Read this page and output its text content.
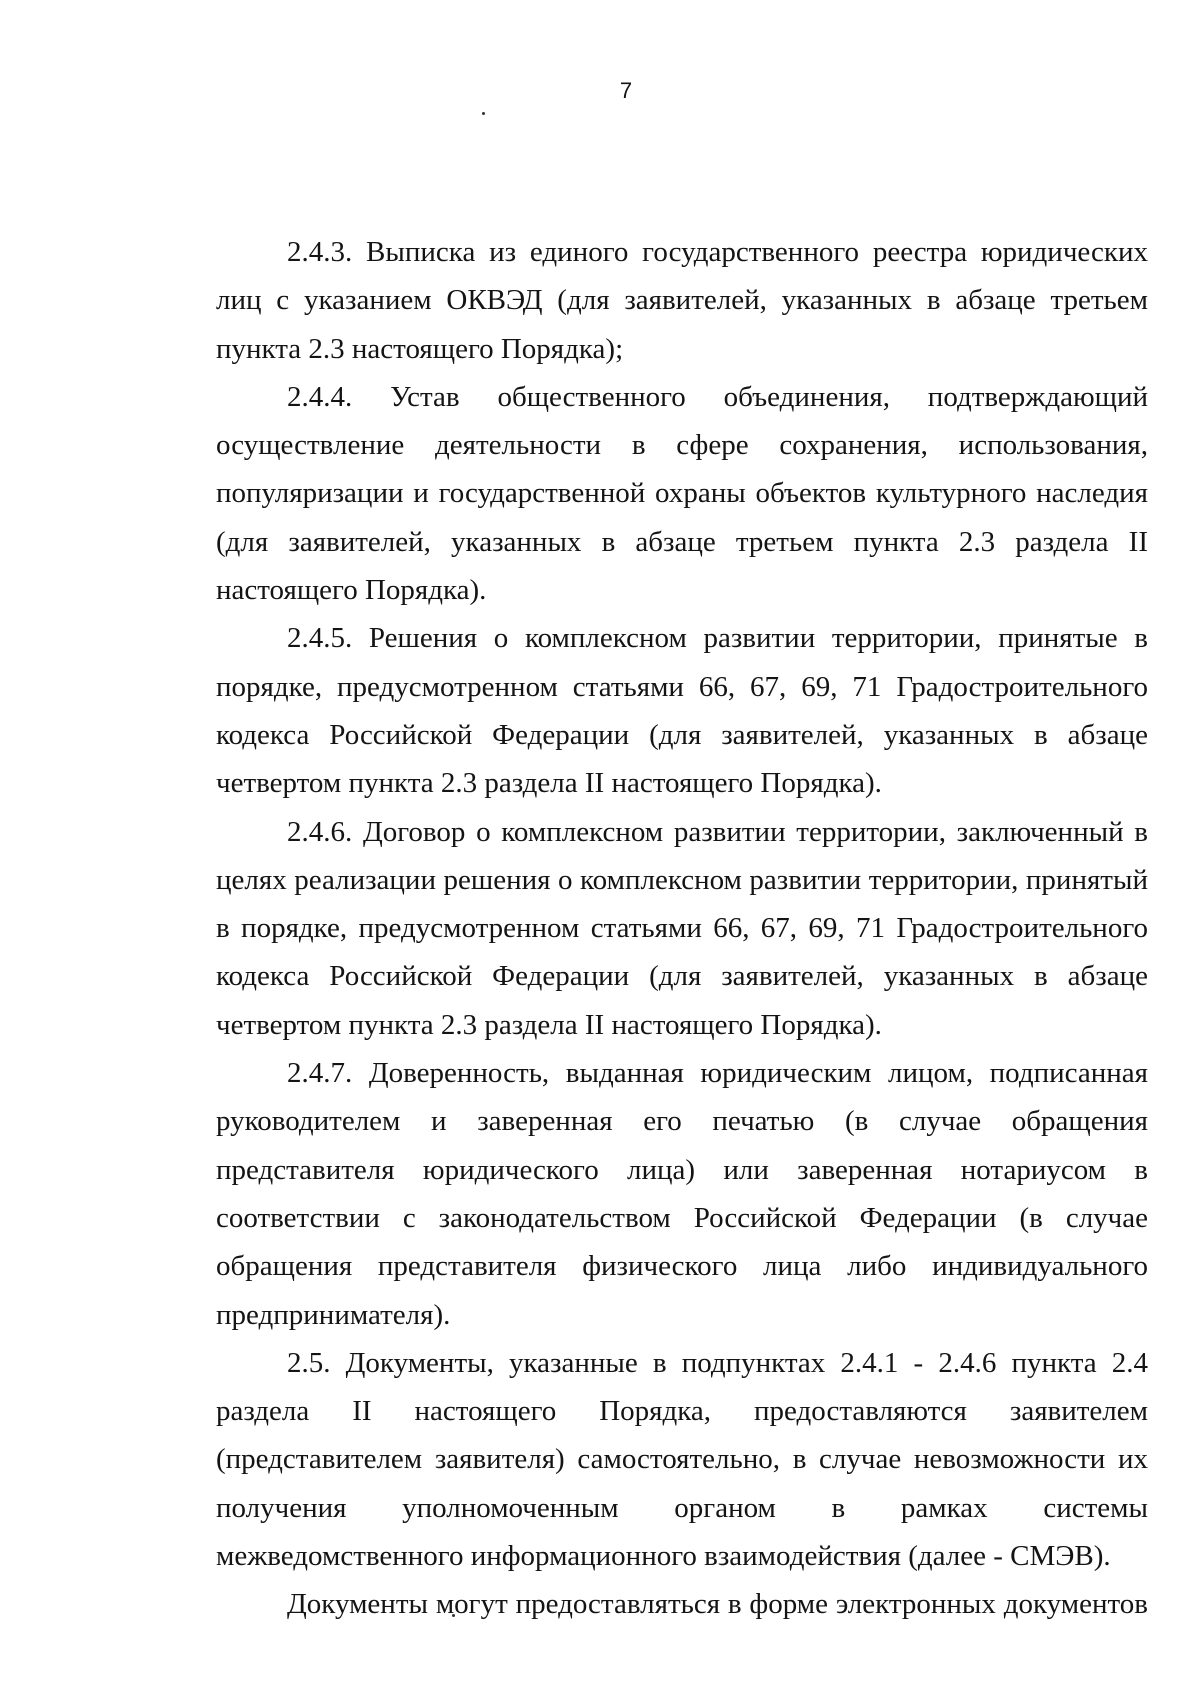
7

2.4.3. Выписка из единого государственного реестра юридических лиц с указанием ОКВЭД (для заявителей, указанных в абзаце третьем пункта 2.3 настоящего Порядка);

2.4.4. Устав общественного объединения, подтверждающий осуществление деятельности в сфере сохранения, использования, популяризации и государственной охраны объектов культурного наследия (для заявителей, указанных в абзаце третьем пункта 2.3 раздела II настоящего Порядка).

2.4.5. Решения о комплексном развитии территории, принятые в порядке, предусмотренном статьями 66, 67, 69, 71 Градостроительного кодекса Российской Федерации (для заявителей, указанных в абзаце четвертом пункта 2.3 раздела II настоящего Порядка).

2.4.6. Договор о комплексном развитии территории, заключенный в целях реализации решения о комплексном развитии территории, принятый в порядке, предусмотренном статьями 66, 67, 69, 71 Градостроительного кодекса Российской Федерации (для заявителей, указанных в абзаце четвертом пункта 2.3 раздела II настоящего Порядка).

2.4.7. Доверенность, выданная юридическим лицом, подписанная руководителем и заверенная его печатью (в случае обращения представителя юридического лица) или заверенная нотариусом в соответствии с законодательством Российской Федерации (в случае обращения представителя физического лица либо индивидуального предпринимателя).

2.5. Документы, указанные в подпунктах 2.4.1 - 2.4.6 пункта 2.4 раздела II настоящего Порядка, предоставляются заявителем (представителем заявителя) самостоятельно, в случае невозможности их получения уполномоченным органом в рамках системы межведомственного информационного взаимодействия (далее - СМЭВ).

Документы могут предоставляться в форме электронных документов
